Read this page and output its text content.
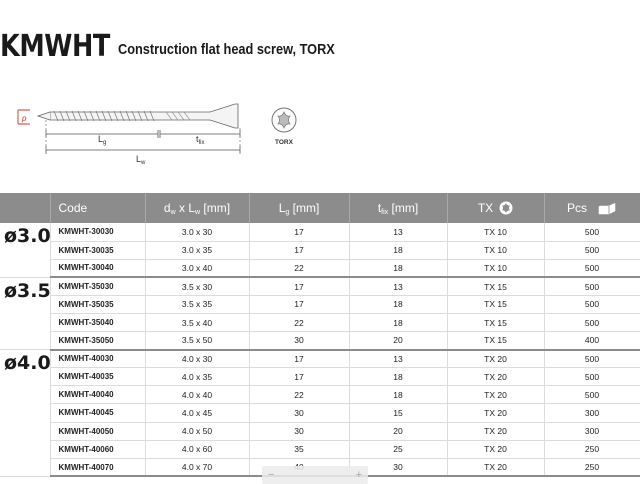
KMWHT Construction flat head screw, TORX
p
$L_g$	$t_{fix}$
$L_w$
TORX
	Code	$d_w$ x $L_w$ [mm]	$L_g$ [mm]	$t_{fix}$ [mm]	TX	Pcs
ø3.0	KMWHT-30030	3.0 x 30	17	13	TX 10	500
	KMWHT-30035	3.0 x 35	17	18	TX 10	500
	KMWHT-30040	3.0 x 40	22	18	TX 10	500
ø3.5	KMWHT-35030	3.5 x 30	17	13	TX 15	500
	KMWHT-35035	3.5 x 35	17	18	TX 15	500
	KMWHT-35040	3.5 x 40	22	18	TX 15	500
	KMWHT-35050	3.5 x 50	30	20	TX 15	400
ø4.0	KMWHT-40030	4.0 x 30	17	13	TX 20	500
	KMWHT-40035	4.0 x 35	17	18	TX 20	500
	KMWHT-40040	4.0 x 40	22	18	TX 20	500
	KMWHT-40045	4.0 x 45	30	15	TX 20	300
	KMWHT-40050	4.0 x 50	30	20	TX 20	300
	KMWHT-40060	4.0 x 60	35	25	TX 20	250
	KMWHT-40070	4.0 x 70		30	TX 20	250
−	+
